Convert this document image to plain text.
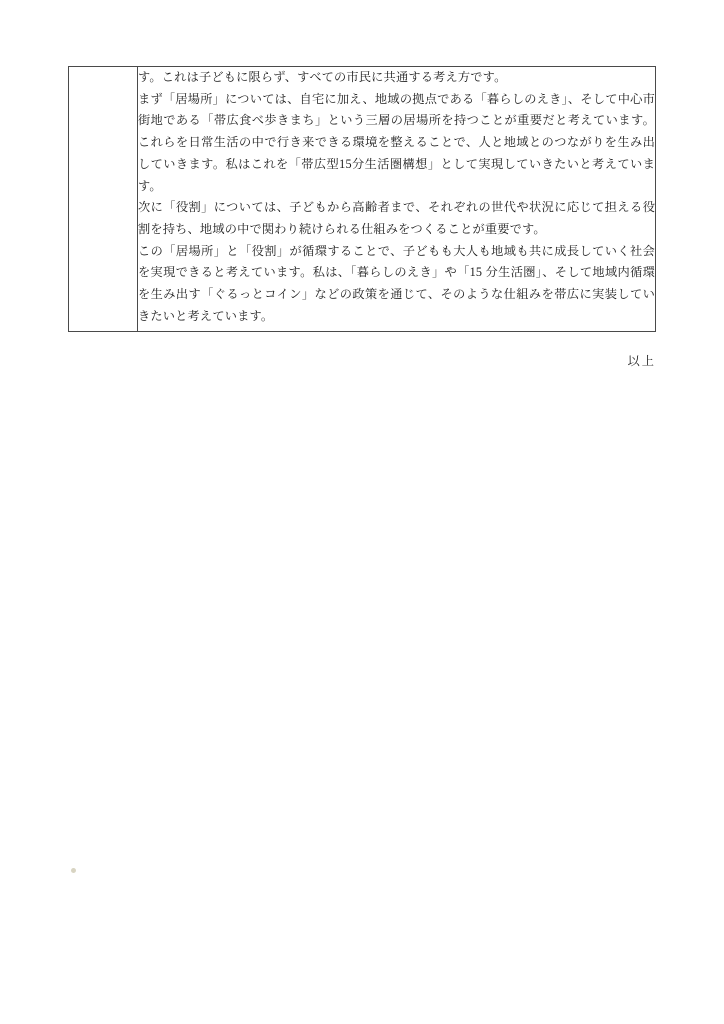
す。これは子どもに限らず、すべての市民に共通する考え方です。

まず「居場所」については、自宅に加え、地域の拠点である「暮らしのえき」、そして中心市街地である「帯広食べ歩きまち」という三層の居場所を持つことが重要だと考えています。これらを日常生活の中で行き来できる環境を整えることで、人と地域とのつながりを生み出していきます。私はこれを「帯広型15分生活圏構想」として実現していきたいと考えています。

次に「役割」については、子どもから高齢者まで、それぞれの世代や状況に応じて担える役割を持ち、地域の中で関わり続けられる仕組みをつくることが重要です。

この「居場所」と「役割」が循環することで、子どもも大人も地域も共に成長していく社会を実現できると考えています。私は、「暮らしのえき」や「15 分生活圏」、そして地域内循環を生み出す「ぐるっとコイン」などの政策を通じて、そのような仕組みを帯広に実装していきたいと考えています。

以上
